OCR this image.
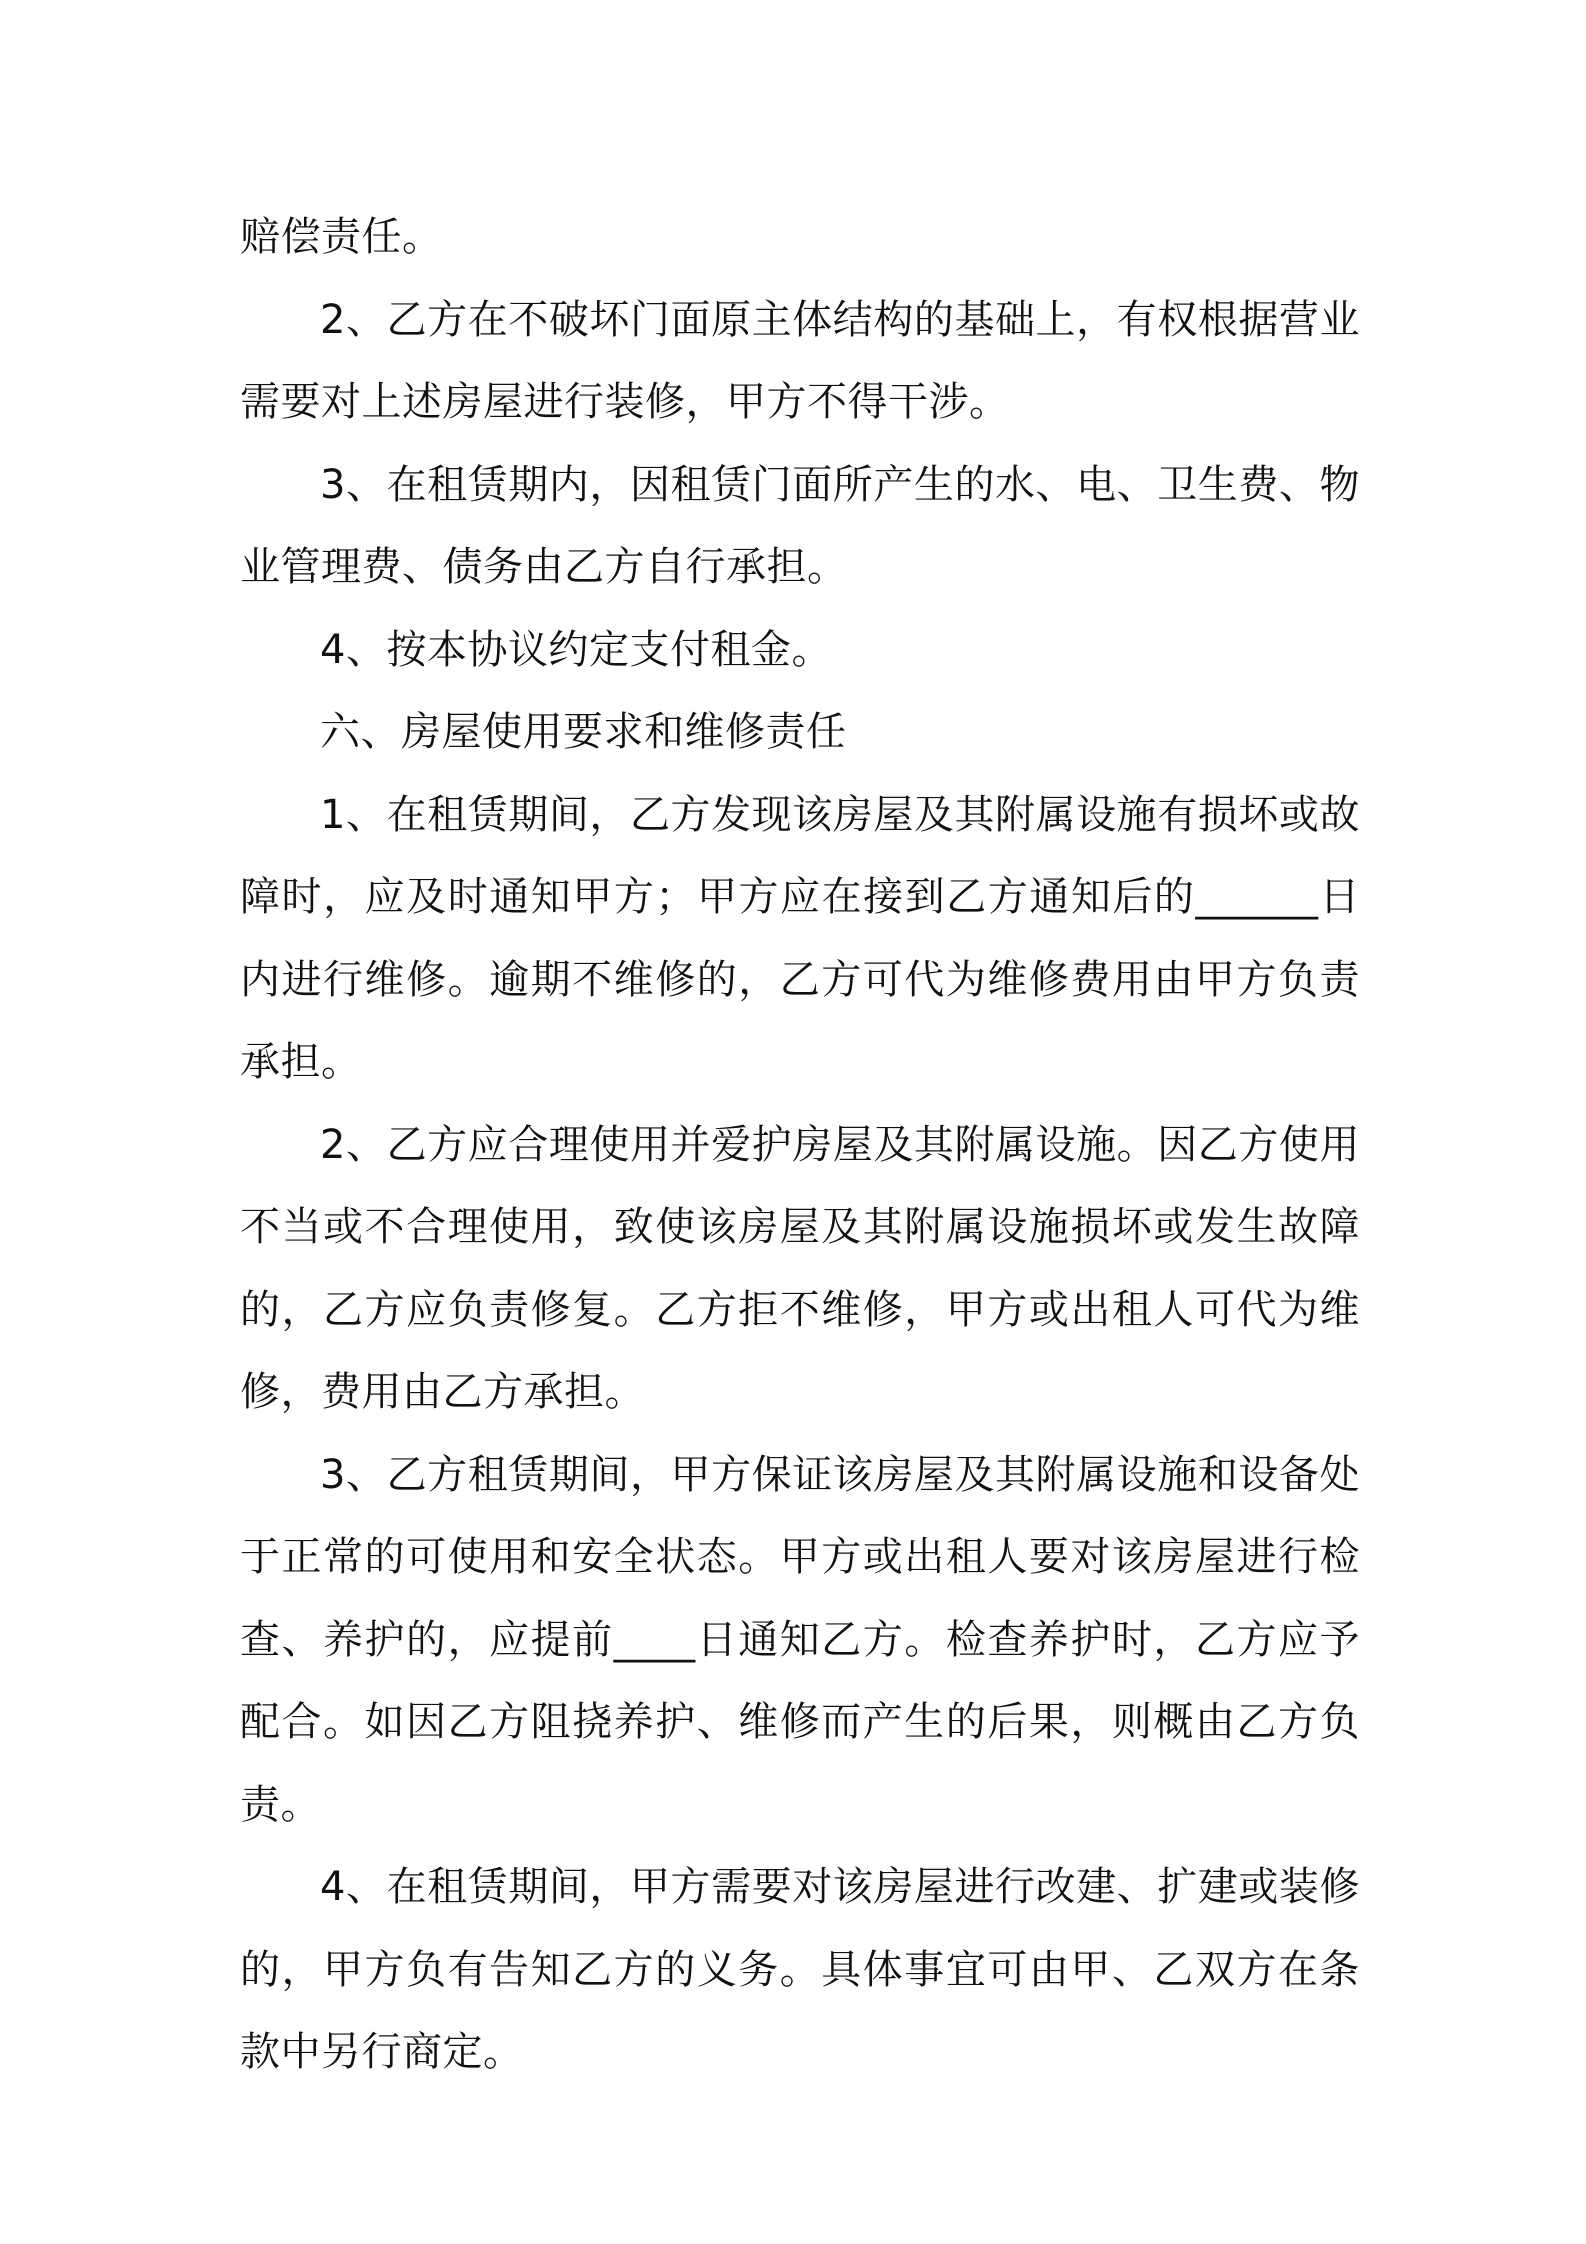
赔偿责任。

2、乙方在不破坏门面原主体结构的基础上，有权根据营业需要对上述房屋进行装修，甲方不得干涉。

3、在租赁期内，因租赁门面所产生的水、电、卫生费、物业管理费、债务由乙方自行承担。

4、按本协议约定支付租金。

六、房屋使用要求和维修责任

1、在租赁期间，乙方发现该房屋及其附属设施有损坏或故障时，应及时通知甲方；甲方应在接到乙方通知后的______日内进行维修。逾期不维修的，乙方可代为维修费用由甲方负责承担。

2、乙方应合理使用并爱护房屋及其附属设施。因乙方使用不当或不合理使用，致使该房屋及其附属设施损坏或发生故障的，乙方应负责修复。乙方拒不维修，甲方或出租人可代为维修，费用由乙方承担。

3、乙方租赁期间，甲方保证该房屋及其附属设施和设备处于正常的可使用和安全状态。甲方或出租人要对该房屋进行检查、养护的，应提前____日通知乙方。检查养护时，乙方应予配合。如因乙方阻挠养护、维修而产生的后果，则概由乙方负责。

4、在租赁期间，甲方需要对该房屋进行改建、扩建或装修的，甲方负有告知乙方的义务。具体事宜可由甲、乙双方在条款中另行商定。
